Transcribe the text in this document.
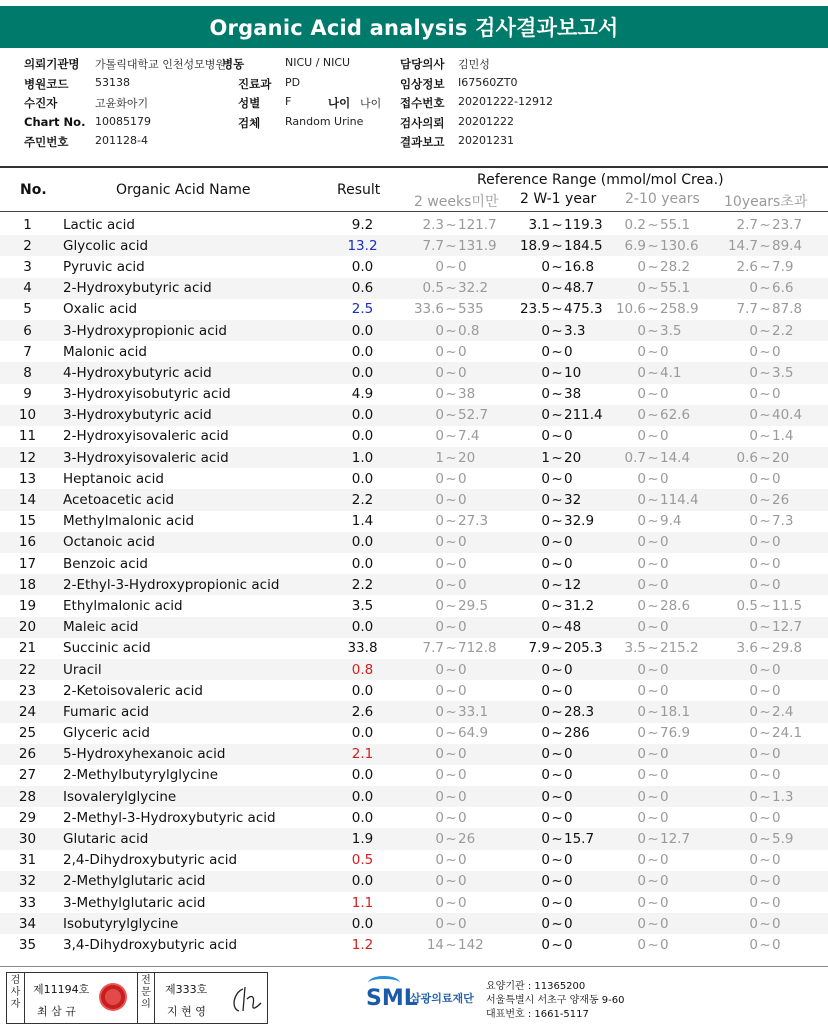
Organic Acid analysis 검사결과보고서
의뢰기관명 가톨릭대학교 인천성모병원
병동	NICU / NICU	담당의사 김민성
병원코드 53138	진료과 PD	임상정보 I67560ZT0
수진자	고윤화아기	성별 F	나이 나이 접수번호 20201222-12912
Chart No. 10085179	검체 Random Urine	검사의뢰 20201222
주민번호 201128-4	결과보고 20201231
No.	Organic Acid Name	Result
Reference Range (mmol/mol Crea.)
2 weeks미만 2 W-1 year 2-10 years 10years초과
1	Lactic acid	9.2	2.3 ~ 121.7	3.1 ~ 119.3	0.2 ~ 55.1	2.7 ~ 23.7

2	Glycolic acid	13.2	7.7 ~ 131.9	18.9 ~ 184.5	6.9 ~ 130.6	14.7 ~ 89.4

3	Pyruvic acid	0.0	0 ~ 0	0 ~ 16.8	0 ~ 28.2	2.6 ~ 7.9

4	2-Hydroxybutyric acid	0.6	0.5 ~ 32.2	0 ~ 48.7	0 ~ 55.1	0 ~ 6.6

5	Oxalic acid	2.5	33.6 ~ 535	23.5 ~ 475.3	10.6 ~ 258.9	7.7 ~ 87.8

6	3-Hydroxypropionic acid	0.0	0 ~ 0.8	0 ~ 3.3	0 ~ 3.5	0 ~ 2.2

7	Malonic acid	0.0	0 ~ 0	0 ~ 0	0 ~ 0	0 ~ 0

8	4-Hydroxybutyric acid	0.0	0 ~ 0	0 ~ 10	0 ~ 4.1	0 ~ 3.5

9	3-Hydroxyisobutyric acid	4.9	0 ~ 38	0 ~ 38	0 ~ 0	0 ~ 0

10	3-Hydroxybutyric acid	0.0	0 ~ 52.7	0 ~ 211.4	0 ~ 62.6	0 ~ 40.4

11	2-Hydroxyisovaleric acid	0.0	0 ~ 7.4	0 ~ 0	0 ~ 0	0 ~ 1.4

12	3-Hydroxyisovaleric acid	1.0	1 ~ 20	1 ~ 20	0.7 ~ 14.4	0.6 ~ 20

13	Heptanoic acid	0.0	0 ~ 0	0 ~ 0	0 ~ 0	0 ~ 0

14	Acetoacetic acid	2.2	0 ~ 0	0 ~ 32	0 ~ 114.4	0 ~ 26

15	Methylmalonic acid	1.4	0 ~ 27.3	0 ~ 32.9	0 ~ 9.4	0 ~ 7.3

16	Octanoic acid	0.0	0 ~ 0	0 ~ 0	0 ~ 0	0 ~ 0

17	Benzoic acid	0.0	0 ~ 0	0 ~ 0	0 ~ 0	0 ~ 0

18	2-Ethyl-3-Hydroxypropionic acid	2.2	0 ~ 0	0 ~ 12	0 ~ 0	0 ~ 0

19	Ethylmalonic acid	3.5	0 ~ 29.5	0 ~ 31.2	0 ~ 28.6	0.5 ~ 11.5

20	Maleic acid	0.0	0 ~ 0	0 ~ 48	0 ~ 0	0 ~ 12.7

21	Succinic acid	33.8	7.7 ~ 712.8	7.9 ~ 205.3	3.5 ~ 215.2	3.6 ~ 29.8

22	Uracil	0.8	0 ~ 0	0 ~ 0	0 ~ 0	0 ~ 0

23	2-Ketoisovaleric acid	0.0	0 ~ 0	0 ~ 0	0 ~ 0	0 ~ 0

24	Fumaric acid	2.6	0 ~ 33.1	0 ~ 28.3	0 ~ 18.1	0 ~ 2.4

25	Glyceric acid	0.0	0 ~ 64.9	0 ~ 286	0 ~ 76.9	0 ~ 24.1

26	5-Hydroxyhexanoic acid	2.1	0 ~ 0	0 ~ 0	0 ~ 0	0 ~ 0

27	2-Methylbutyrylglycine	0.0	0 ~ 0	0 ~ 0	0 ~ 0	0 ~ 0

28	Isovalerylglycine	0.0	0 ~ 0	0 ~ 0	0 ~ 0	0 ~ 1.3

29	2-Methyl-3-Hydroxybutyric acid	0.0	0 ~ 0	0 ~ 0	0 ~ 0	0 ~ 0

30	Glutaric acid	1.9	0 ~ 26	0 ~ 15.7	0 ~ 12.7	0 ~ 5.9

31	2,4-Dihydroxybutyric acid	0.5	0 ~ 0	0 ~ 0	0 ~ 0	0 ~ 0

32	2-Methylglutaric acid	0.0	0 ~ 0	0 ~ 0	0 ~ 0	0 ~ 0

33	3-Methylglutaric acid	1.1	0 ~ 0	0 ~ 0	0 ~ 0	0 ~ 0

34	Isobutyrylglycine	0.0	0 ~ 0	0 ~ 0	0 ~ 0	0 ~ 0

35	3,4-Dihydroxybutyric acid	1.2	14 ~ 142	0 ~ 0	0 ~ 0	0 ~ 0
검사자
제11194호
최 삼 규
전문의
제333호
지 현 영
SML
삼광의료재단
요양기관 : 11365200
서울특별시 서초구 양재동 9-60
대표번호 : 1661-5117
